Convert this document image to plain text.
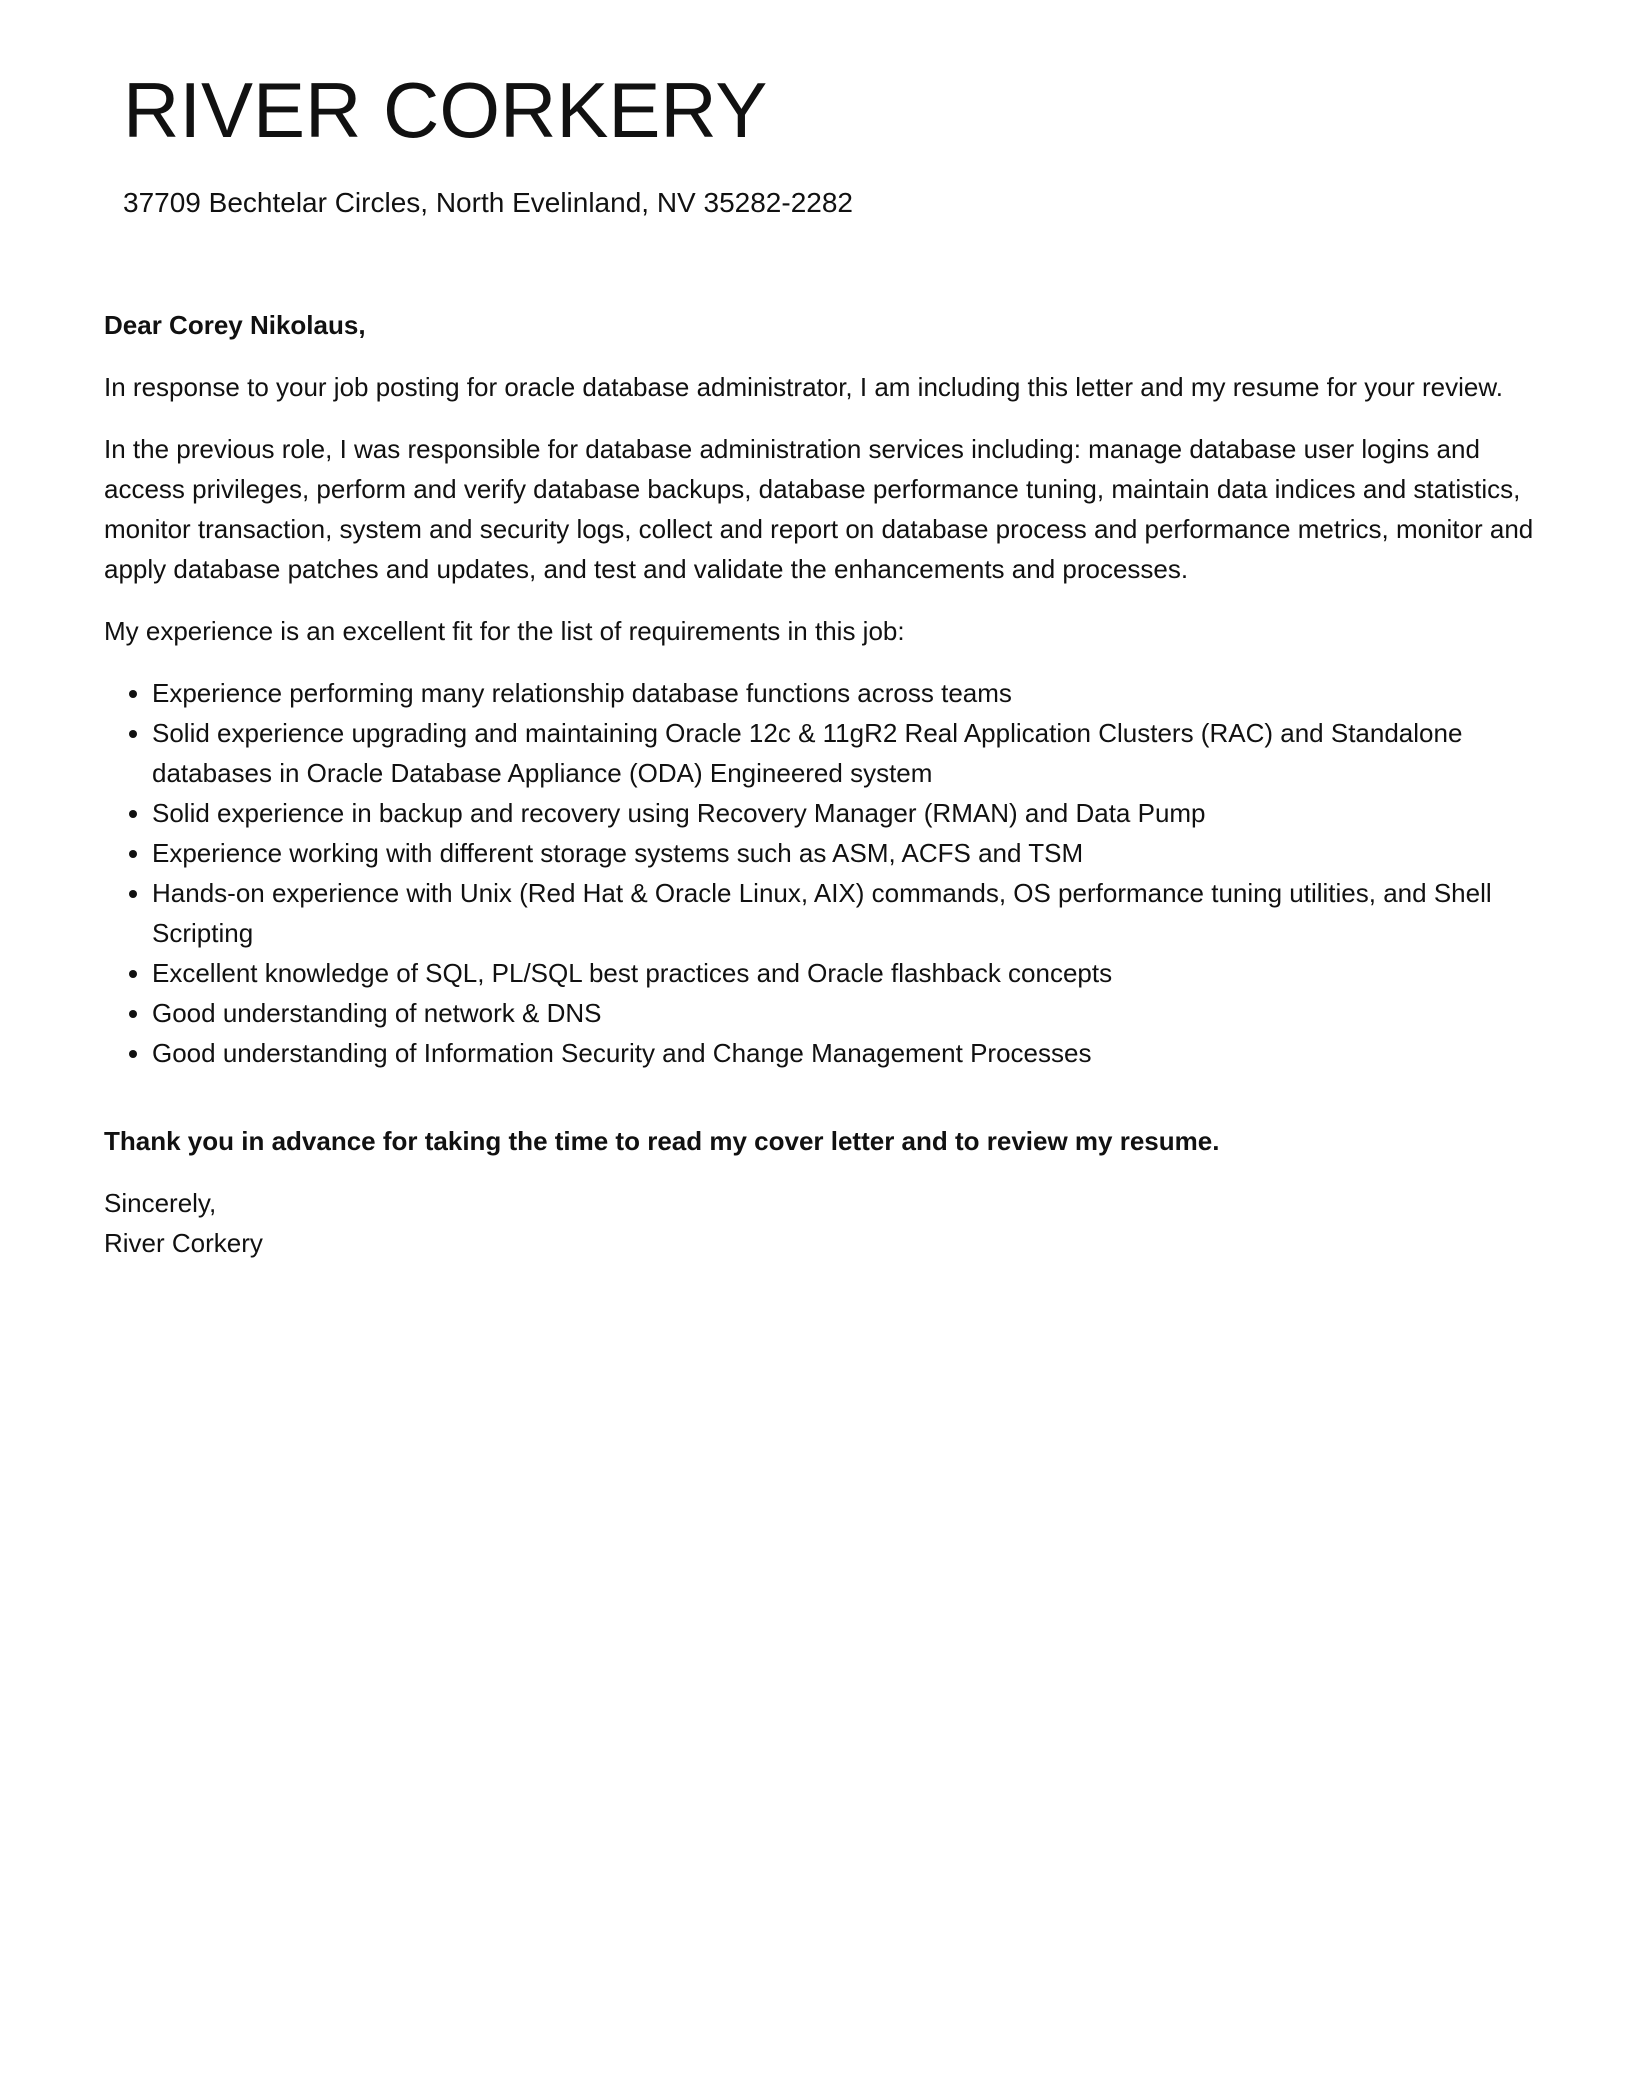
RIVER CORKERY
37709 Bechtelar Circles, North Evelinland, NV 35282-2282

Dear Corey Nikolaus,

In response to your job posting for oracle database administrator, I am including this letter and my resume for your review.

In the previous role, I was responsible for database administration services including: manage database user logins and access privileges, perform and verify database backups, database performance tuning, maintain data indices and statistics, monitor transaction, system and security logs, collect and report on database process and performance metrics, monitor and apply database patches and updates, and test and validate the enhancements and processes.

My experience is an excellent fit for the list of requirements in this job:

• Experience performing many relationship database functions across teams
• Solid experience upgrading and maintaining Oracle 12c & 11gR2 Real Application Clusters (RAC) and Standalone databases in Oracle Database Appliance (ODA) Engineered system
• Solid experience in backup and recovery using Recovery Manager (RMAN) and Data Pump
• Experience working with different storage systems such as ASM, ACFS and TSM
• Hands-on experience with Unix (Red Hat & Oracle Linux, AIX) commands, OS performance tuning utilities, and Shell Scripting
• Excellent knowledge of SQL, PL/SQL best practices and Oracle flashback concepts
• Good understanding of network & DNS
• Good understanding of Information Security and Change Management Processes

Thank you in advance for taking the time to read my cover letter and to review my resume.

Sincerely,

River Corkery
